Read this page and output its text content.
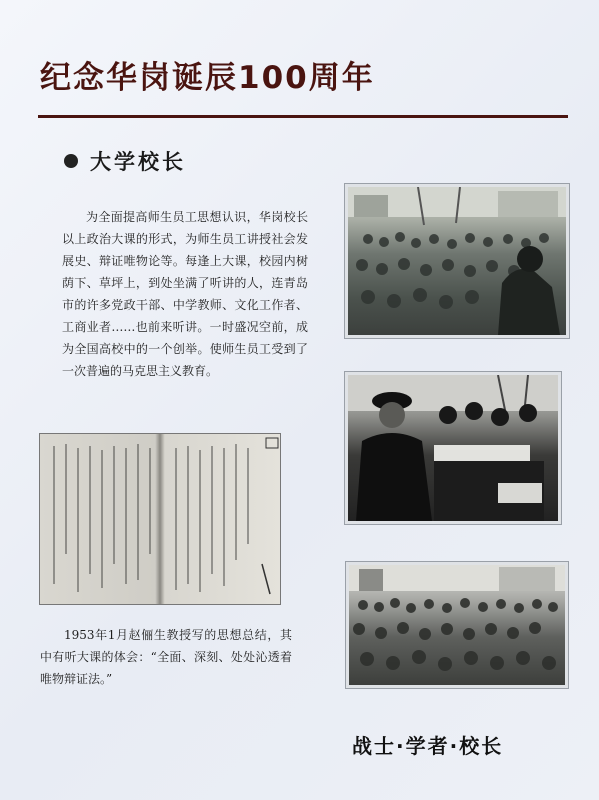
纪念华岗诞辰100周年
大学校长
为全面提高师生员工思想认识，华岗校长以上政治大课的形式，为师生员工讲授社会发展史、辩证唯物论等。每逢上大课，校园内树荫下、草坪上，到处坐满了听讲的人，连青岛市的许多党政干部、中学教师、文化工作者、工商业者……也前来听讲。一时盛况空前，成为全国高校中的一个创举。使师生员工受到了一次普遍的马克思主义教育。
1953年1月赵俪生教授写的思想总结，其中有听大课的体会：“全面、深刻、处处沁透着唯物辩证法。”
战士·学者·校长
